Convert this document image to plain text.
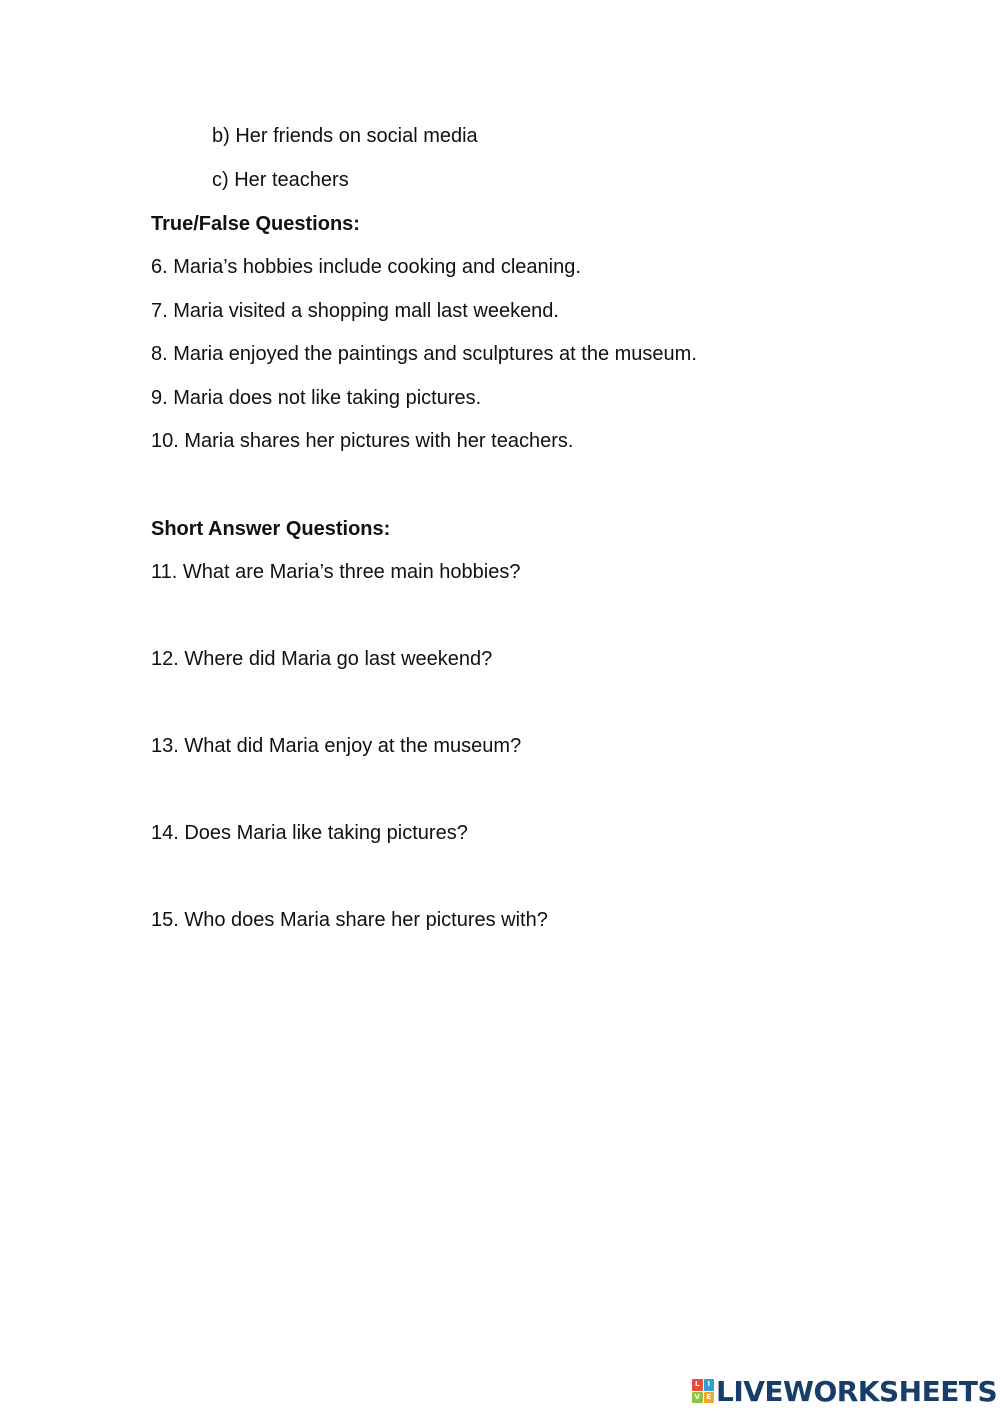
b) Her friends on social media
c) Her teachers
True/False Questions:
6. Maria’s hobbies include cooking and cleaning.
7. Maria visited a shopping mall last weekend.
8. Maria enjoyed the paintings and sculptures at the museum.
9. Maria does not like taking pictures.
10. Maria shares her pictures with her teachers.
Short Answer Questions:
11. What are Maria’s three main hobbies?
12. Where did Maria go last weekend?
13. What did Maria enjoy at the museum?
14. Does Maria like taking pictures?
15. Who does Maria share her pictures with?
L	I
V E LIVEWORKSHEETS
